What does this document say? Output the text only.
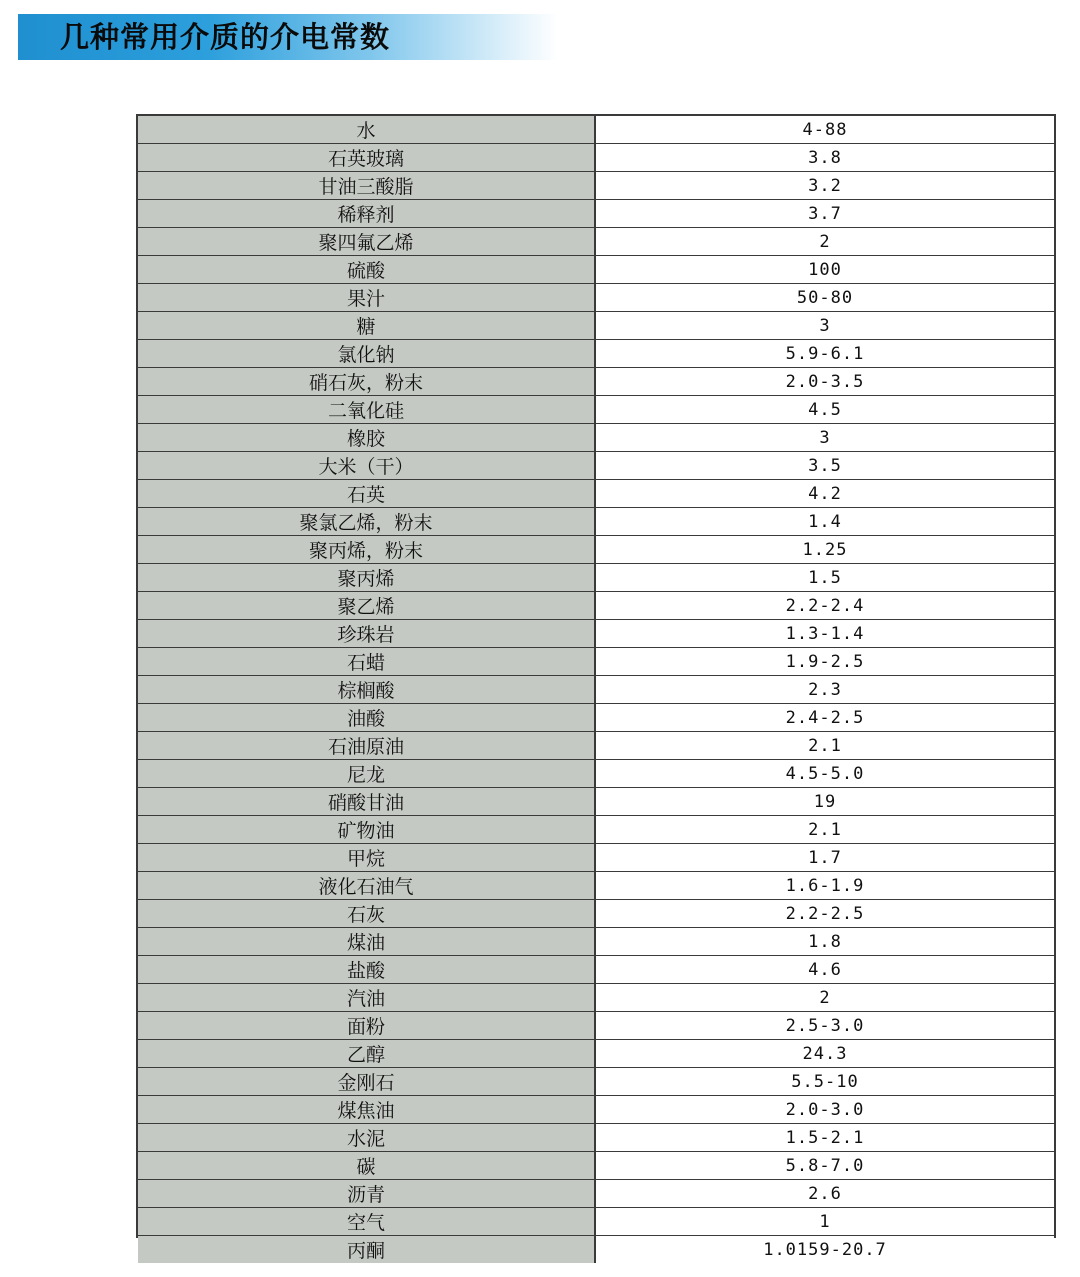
几种常用介质的介电常数
水	4-88
石英玻璃	3.8
甘油三酸脂	3.2
稀释剂	3.7
聚四氟乙烯	2
硫酸	100
果汁	50-80
糖	3
氯化钠	5.9-6.1
硝石灰，粉末	2.0-3.5
二氧化硅	4.5
橡胶	3
大米（干）	3.5
石英	4.2
聚氯乙烯，粉末	1.4
聚丙烯，粉末	1.25
聚丙烯	1.5
聚乙烯	2.2-2.4
珍珠岩	1.3-1.4
石蜡	1.9-2.5
棕榈酸	2.3
油酸	2.4-2.5
石油原油	2.1
尼龙	4.5-5.0
硝酸甘油	19
矿物油	2.1
甲烷	1.7
液化石油气	1.6-1.9
石灰	2.2-2.5
煤油	1.8
盐酸	4.6
汽油	2
面粉	2.5-3.0
乙醇	24.3
金刚石	5.5-10
煤焦油	2.0-3.0
水泥	1.5-2.1
碳	5.8-7.0
沥青	2.6
空气	1
丙酮	1.0159-20.7
